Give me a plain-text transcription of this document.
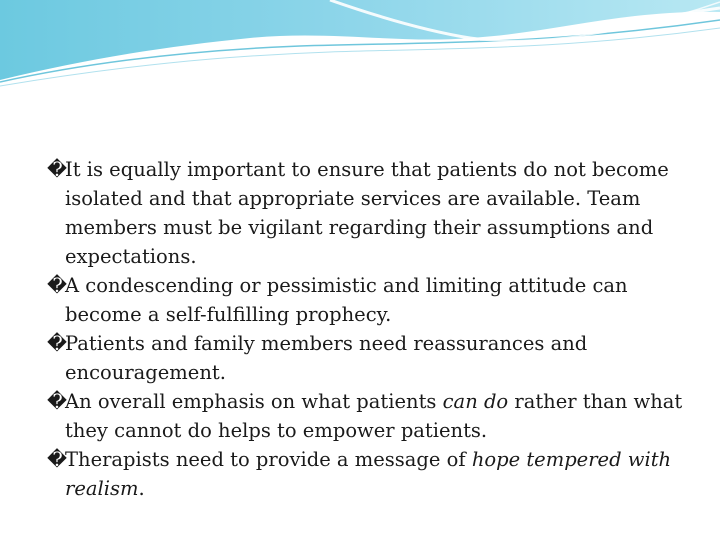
�
It is equally important to ensure that patients do not become isolated and that appropriate services are available. Team members must be vigilant regarding their assumptions and expectations.
�
A condescending or pessimistic and limiting attitude can become a self-fulfilling prophecy.
�
Patients and family members need reassurances and encouragement.
�
An overall emphasis on what patients can do rather than what they cannot do helps to empower patients.
�
Therapists need to provide a message of hope tempered with realism.
